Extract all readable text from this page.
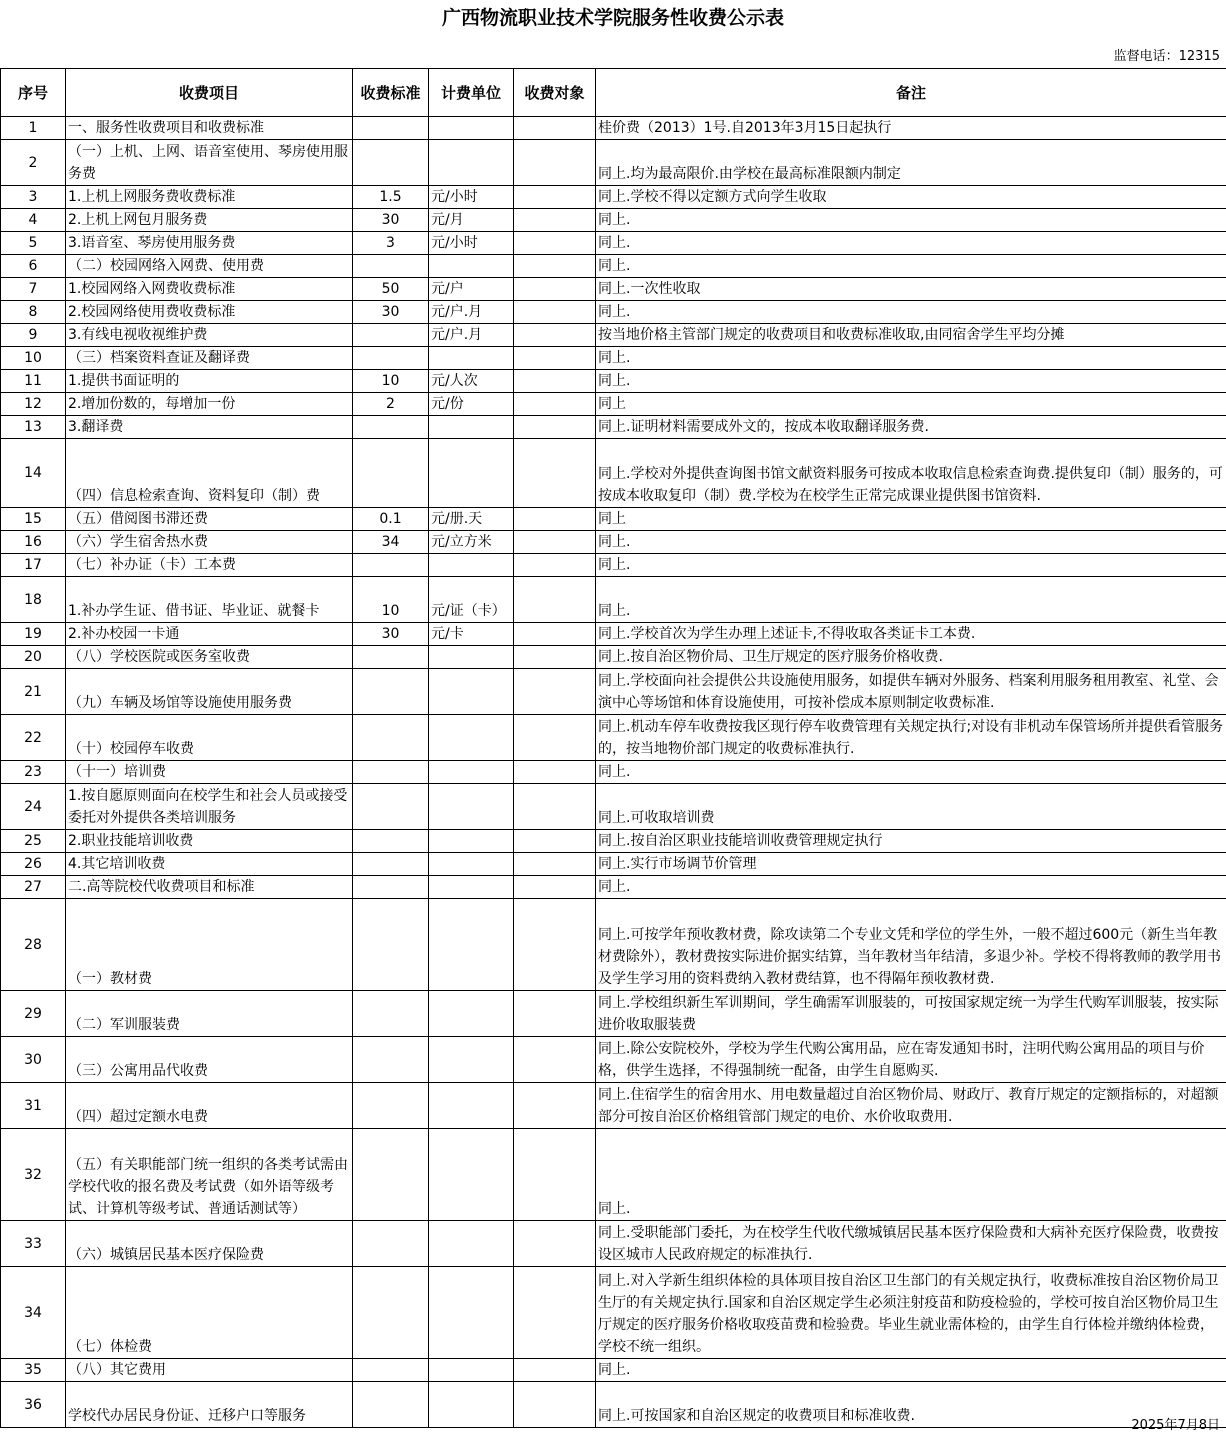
广西物流职业技术学院服务性收费公示表
监督电话：12315
序号	收费项目	收费标准	计费单位	收费对象	备注
1	一、服务性收费项目和收费标准				桂价费（2013）1号.自2013年3月15日起执行
2	（一）上机、上网、语音室使用、琴房使用服务费				同上.均为最高限价.由学校在最高标准限额内制定
3	1.上机上网服务费收费标准	1.5	元/小时		同上.学校不得以定额方式向学生收取
4	2.上机上网包月服务费	30	元/月		同上.
5	3.语音室、琴房使用服务费	3	元/小时		同上.
6	（二）校园网络入网费、使用费				同上.
7	1.校园网络入网费收费标准	50	元/户		同上.一次性收取
8	2.校园网络使用费收费标准	30	元/户.月		同上.
9	3.有线电视收视维护费		元/户.月		按当地价格主管部门规定的收费项目和收费标准收取,由同宿舍学生平均分摊
10	（三）档案资料查证及翻译费				同上.
11	1.提供书面证明的	10	元/人次		同上.
12	2.增加份数的，每增加一份	2	元/份		同上
13	3.翻译费				同上.证明材料需要成外文的，按成本收取翻译服务费.
14	（四）信息检索查询、资料复印（制）费				同上.学校对外提供查询图书馆文献资料服务可按成本收取信息检索查询费.提供复印（制）服务的，可按成本收取复印（制）费.学校为在校学生正常完成课业提供图书馆资料.
15	（五）借阅图书滞还费	0.1	元/册.天		同上
16	（六）学生宿舍热水费	34	元/立方米		同上.
17	（七）补办证（卡）工本费				同上.
18	1.补办学生证、借书证、毕业证、就餐卡	10	元/证（卡）		同上.
19	2.补办校园一卡通	30	元/卡		同上.学校首次为学生办理上述证卡,不得收取各类证卡工本费.
20	（八）学校医院或医务室收费				同上.按自治区物价局、卫生厅规定的医疗服务价格收费.
21	（九）车辆及场馆等设施使用服务费				同上.学校面向社会提供公共设施使用服务，如提供车辆对外服务、档案利用服务租用教室、礼堂、会演中心等场馆和体育设施使用，可按补偿成本原则制定收费标准.
22	（十）校园停车收费				同上.机动车停车收费按我区现行停车收费管理有关规定执行;对设有非机动车保管场所并提供看管服务的，按当地物价部门规定的收费标准执行.
23	（十一）培训费				同上.
24	1.按自愿原则面向在校学生和社会人员或接受委托对外提供各类培训服务				同上.可收取培训费
25	2.职业技能培训收费				同上.按自治区职业技能培训收费管理规定执行
26	4.其它培训收费				同上.实行市场调节价管理
27	二.高等院校代收费项目和标准				同上.
28	（一）教材费				同上.可按学年预收教材费，除攻读第二个专业文凭和学位的学生外，一般不超过600元（新生当年教材费除外），教材费按实际进价据实结算，当年教材当年结清，多退少补。学校不得将教师的教学用书及学生学习用的资料费纳入教材费结算，也不得隔年预收教材费.
29	（二）军训服装费				同上.学校组织新生军训期间，学生确需军训服装的，可按国家规定统一为学生代购军训服装，按实际进价收取服装费
30	（三）公寓用品代收费				同上.除公安院校外，学校为学生代购公寓用品，应在寄发通知书时，注明代购公寓用品的项目与价格，供学生选择，不得强制统一配备，由学生自愿购买.
31	（四）超过定额水电费				同上.住宿学生的宿舍用水、用电数量超过自治区物价局、财政厅、教育厅规定的定额指标的，对超额部分可按自治区价格组管部门规定的电价、水价收取费用.
32	（五）有关职能部门统一组织的各类考试需由学校代收的报名费及考试费（如外语等级考试、计算机等级考试、普通话测试等）				同上.
33	（六）城镇居民基本医疗保险费				同上.受职能部门委托，为在校学生代收代缴城镇居民基本医疗保险费和大病补充医疗保险费，收费按设区城市人民政府规定的标准执行.
34	（七）体检费				同上.对入学新生组织体检的具体项目按自治区卫生部门的有关规定执行，收费标准按自治区物价局卫生厅的有关规定执行.国家和自治区规定学生必须注射疫苗和防疫检验的，学校可按自治区物价局卫生厅规定的医疗服务价格收取疫苗费和检验费。毕业生就业需体检的，由学生自行体检并缴纳体检费，学校不统一组织。
35	（八）其它费用				同上.
36	学校代办居民身份证、迁移户口等服务				同上.可按国家和自治区规定的收费项目和标准收费.
2025年7月8日
